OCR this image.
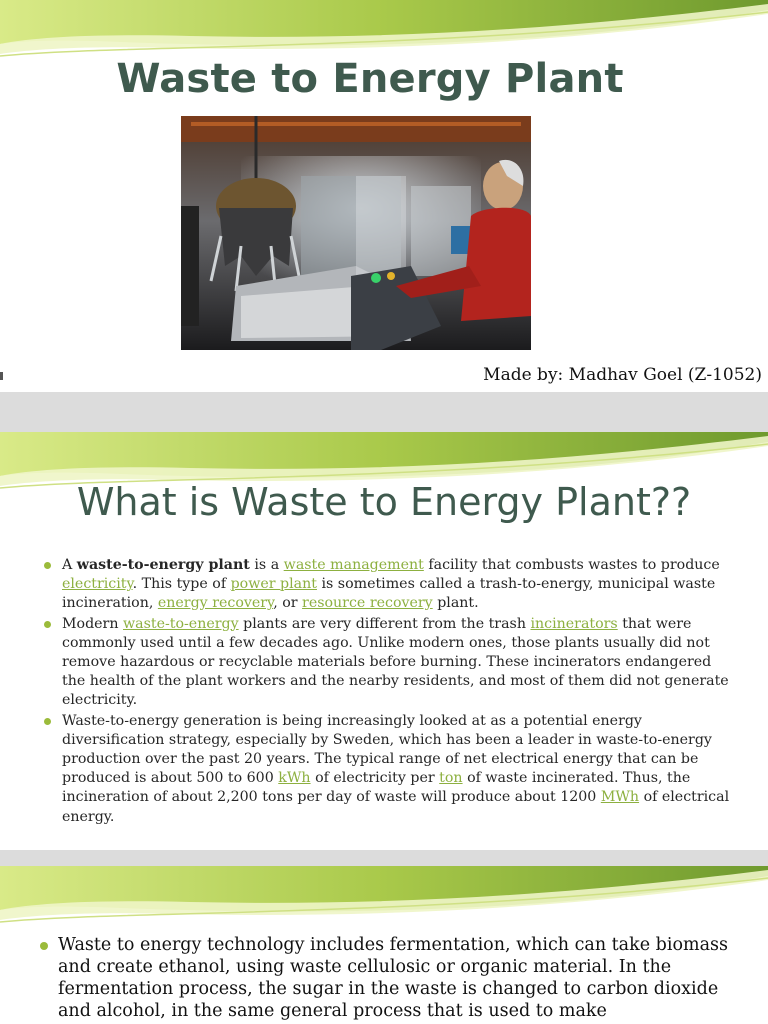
Waste to Energy Plant
Made by: Madhav Goel (Z-1052)
What is Waste to Energy Plant??
A waste-to-energy plant is a waste management facility that combusts wastes to produce electricity. This type of power plant is sometimes called a trash-to-energy, municipal waste incineration, energy recovery, or resource recovery plant.
Modern waste-to-energy plants are very different from the trash incinerators that were commonly used until a few decades ago. Unlike modern ones, those plants usually did not remove hazardous or recyclable materials before burning. These incinerators endangered the health of the plant workers and the nearby residents, and most of them did not generate electricity.
Waste-to-energy generation is being increasingly looked at as a potential energy diversification strategy, especially by Sweden, which has been a leader in waste-to-energy production over the past 20 years. The typical range of net electrical energy that can be produced is about 500 to 600 kWh of electricity per ton of waste incinerated. Thus, the incineration of about 2,200 tons per day of waste will produce about 1200 MWh of electrical energy.
Waste to energy technology includes fermentation, which can take biomass and create ethanol, using waste cellulosic or organic material. In the fermentation process, the sugar in the waste is changed to carbon dioxide and alcohol, in the same general process that is used to make
